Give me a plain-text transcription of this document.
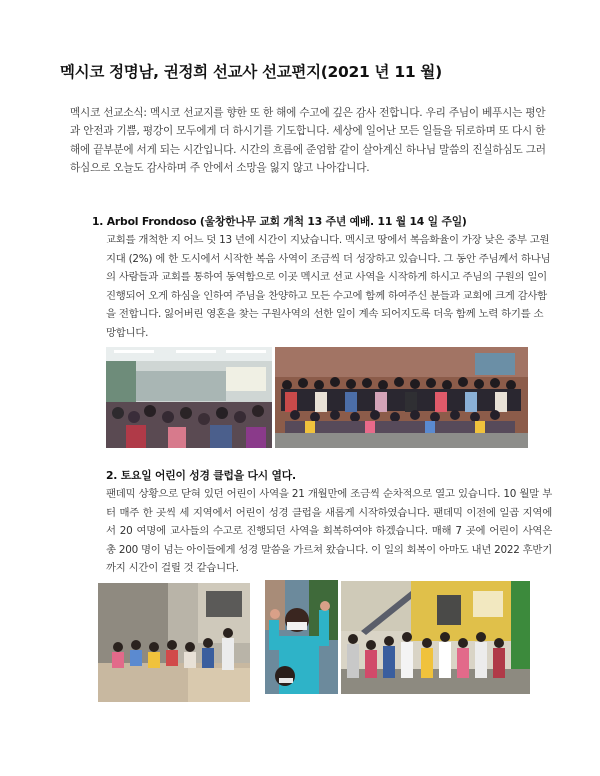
멕시코 정명남, 권정희 선교사 선교편지(2021 년 11 월)
멕시코 선교소식: 멕시코 선교지를 향한 또 한 해에 수고에 깊은 감사 전합니다. 우리 주님이 베푸시는 평안과 안전과 기쁨, 평강이 모두에게 더 하시기를 기도합니다. 세상에 일어난 모든 일들을 뒤로하며 또 다시 한 해에 끝부분에 서게 되는 시간입니다. 시간의 흐름에 준엄함 같이 살아계신 하나님 말씀의 진실하심도 그러하심으로 오늘도 감사하며 주 안에서 소망을 잃지 않고 나아갑니다.
1. Arbol Frondoso (울창한나무 교회 개척 13 주년 예배. 11 월 14 일 주일)
교회를 개척한 지 어느 덧 13 년에 시간이 지났습니다. 멕시코 땅에서 복음화율이 가장 낮은 중부 고원 지대 (2%) 에 한 도시에서 시작한 복음 사역이 조금씩 더 성장하고 있습니다. 그 동안 주님께서 하나님의 사람들과 교회를 통하여 동역함으로 이곳 멕시코 선교 사역을 시작하게 하시고 주님의 구원의 일이 진행되어 오게 하심을 인하여 주님을 찬양하고 모든 수고에 함께 하여주신 분들과 교회에 크게 감사함을 전합니다. 잃어버린 영혼을 찾는 구원사역의 선한 일이 계속 되어지도록 더욱 함께 노력 하기를 소망합니다.
2. 토요일 어린이 성경 클럽을 다시 열다.
팬데믹 상황으로 닫혀 있던 어린이 사역을 21 개월만에 조금씩 순차적으로 열고 있습니다. 10 월말 부터 매주 한 곳씩 세 지역에서 어린이 성경 클럽을 새롭게 시작하였습니다. 팬데믹 이전에 일곱 지역에서 20 여명에 교사들의 수고로 진행되던 사역을 회복하여야 하겠습니다. 매해 7 곳에 어린이 사역은 총 200 명이 넘는 아이들에게 성경 말씀을 가르쳐 왔습니다. 이 일의 회복이 아마도 내년 2022 후반기 까지 시간이 걸릴 것 같습니다.
